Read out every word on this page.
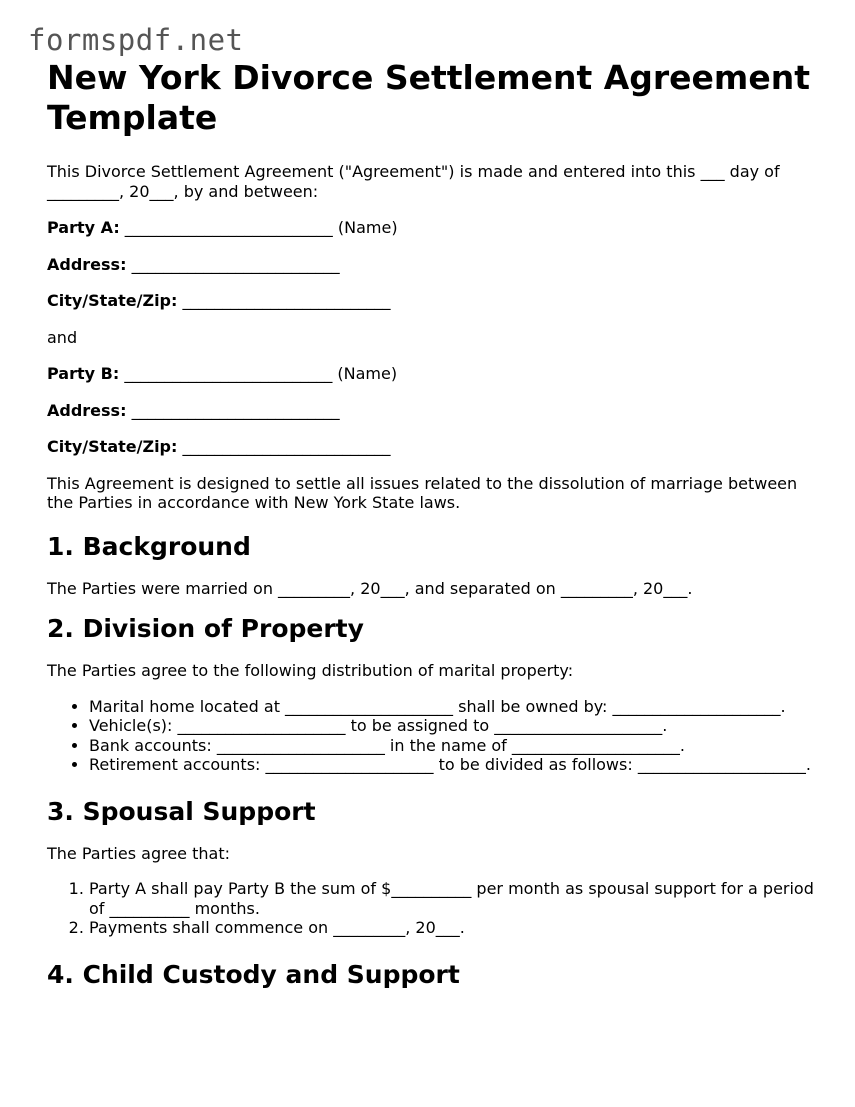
formspdf.net
New York Divorce Settlement Agreement Template

This Divorce Settlement Agreement ("Agreement") is made and entered into this ___ day of _________, 20___, by and between:

Party A: __________________________ (Name)

Address: __________________________

City/State/Zip: __________________________

and

Party B: __________________________ (Name)

Address: __________________________

City/State/Zip: __________________________

This Agreement is designed to settle all issues related to the dissolution of marriage between the Parties in accordance with New York State laws.

1. Background

The Parties were married on _________, 20___, and separated on _________, 20___.

2. Division of Property

The Parties agree to the following distribution of marital property:

• Marital home located at _____________________ shall be owned by: _____________________.
• Vehicle(s): _____________________ to be assigned to _____________________.
• Bank accounts: _____________________ in the name of _____________________.
• Retirement accounts: _____________________ to be divided as follows: _____________________.
3. Spousal Support

The Parties agree that:

1. Party A shall pay Party B the sum of $__________ per month as spousal support for a period of __________ months.
2. Payments shall commence on _________, 20___.
4. Child Custody and Support
